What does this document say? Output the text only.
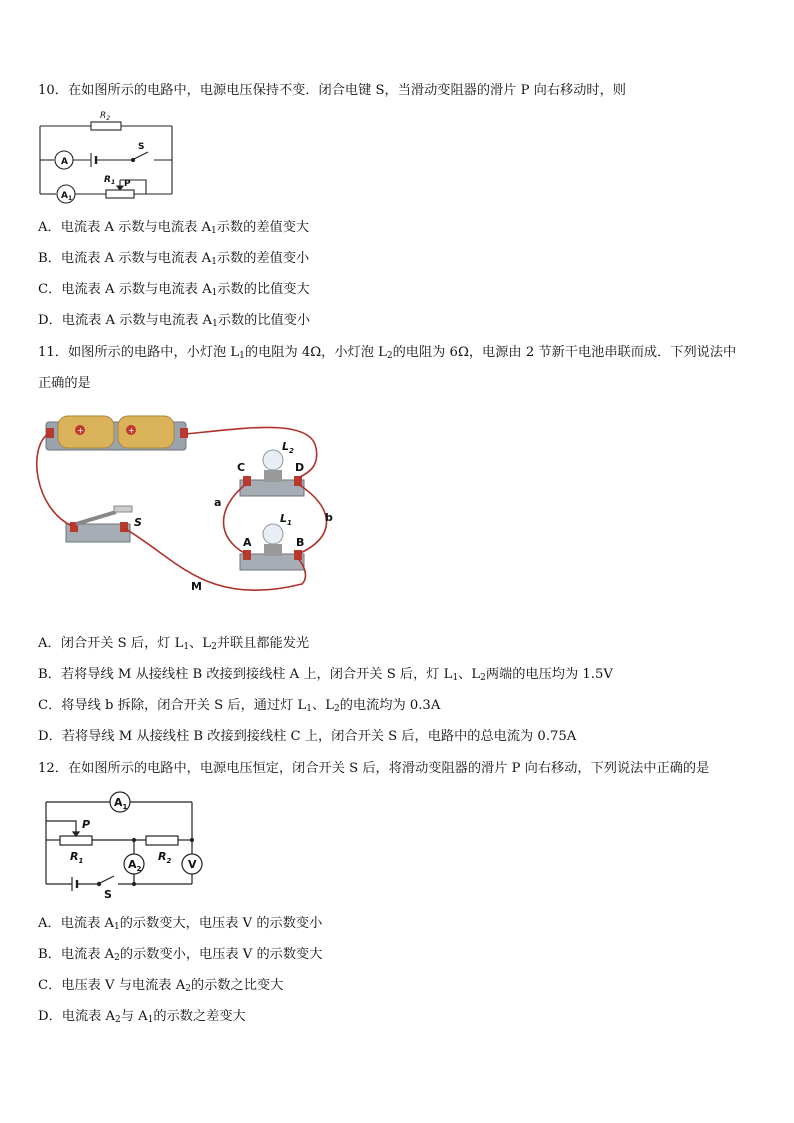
10．在如图所示的电路中，电源电压保持不变．闭合电键 S，当滑动变阻器的滑片 P 向右移动时，则
$R_2$
S
A
$A_1$
$R_1$ P
A．电流表 A 示数与电流表 $A_1$示数的差值变大
B．电流表 A 示数与电流表 $A_1$示数的差值变小
C．电流表 A 示数与电流表 $A_1$示数的比值变大
D．电流表 A 示数与电流表 $A_1$示数的比值变小
11．如图所示的电路中，小灯泡 $L_1$的电阻为 4Ω，小灯泡 $L_2$的电阻为 6Ω，电源由 2 节新干电池串联而成．下列说法中
正确的是
+	+
$L_2$
C	D
a
b
$L_1$
A	B
S
M
A．闭合开关 S 后，灯 $L_1$、$L_2$并联且都能发光
B．若将导线 M 从接线柱 B 改接到接线柱 A 上，闭合开关 S 后，灯 $L_1$、$L_2$两端的电压均为 1.5V
C．将导线 b 拆除，闭合开关 S 后，通过灯 $L_1$、$L_2$的电流均为 0.3A
D．若将导线 M 从接线柱 B 改接到接线柱 C 上，闭合开关 S 后，电路中的总电流为 0.75A
12．在如图所示的电路中，电源电压恒定，闭合开关 S 后，将滑动变阻器的滑片 P 向右移动，下列说法中正确的是
$A_1$
P
$R_1$	$A_2$
$R_2$ V
S
A．电流表 $A_1$的示数变大，电压表 V 的示数变小
B．电流表 $A_2$的示数变小，电压表 V 的示数变大
C．电压表 V 与电流表 $A_2$的示数之比变大
D．电流表 $A_2$与 $A_1$的示数之差变大
